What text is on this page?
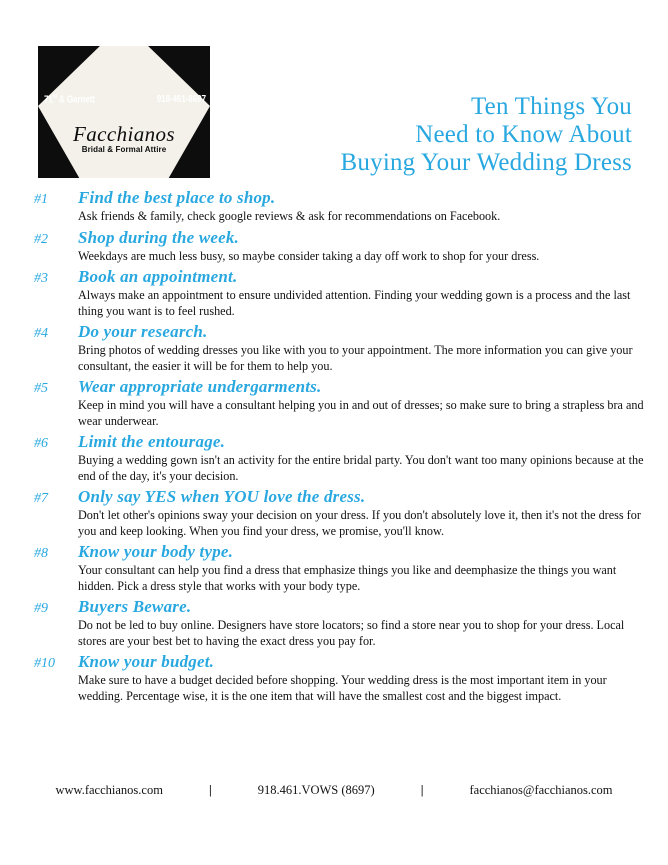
71st & Garnett	918-461-8697
Facchianos
Bridal & Formal Attire
Ten Things You
Need to Know About
Buying Your Wedding Dress
#1	Find the best place to shop.
Ask friends & family, check google reviews & ask for recommendations on Facebook.
#2	Shop during the week.
Weekdays are much less busy, so maybe consider taking a day off work to shop for your dress.
#3	Book an appointment.
Always make an appointment to ensure undivided attention. Finding your wedding gown is a process and the last thing you want is to feel rushed.
#4	Do your research.
Bring photos of wedding dresses you like with you to your appointment. The more information you can give your consultant, the easier it will be for them to help you.
#5	Wear appropriate undergarments.
Keep in mind you will have a consultant helping you in and out of dresses; so make sure to bring a strapless bra and wear underwear.
#6	Limit the entourage.
Buying a wedding gown isn't an activity for the entire bridal party. You don't want too many opinions because at the end of the day, it's your decision.
#7	Only say YES when YOU love the dress.
Don't let other's opinions sway your decision on your dress. If you don't absolutely love it, then it's not the dress for you and keep looking. When you find your dress, we promise, you'll know.
#8	Know your body type.
Your consultant can help you find a dress that emphasize things you like and deemphasize the things you want hidden. Pick a dress style that works with your body type.
#9	Buyers Beware.
Do not be led to buy online. Designers have store locators; so find a store near you to shop for your dress. Local stores are your best bet to having the exact dress you pay for.
#10	Know your budget.
Make sure to have a budget decided before shopping. Your wedding dress is the most important item in your wedding. Percentage wise, it is the one item that will have the smallest cost and the biggest impact.
www.facchianos.com	|	918.461.VOWS (8697)	|	facchianos@facchianos.com
